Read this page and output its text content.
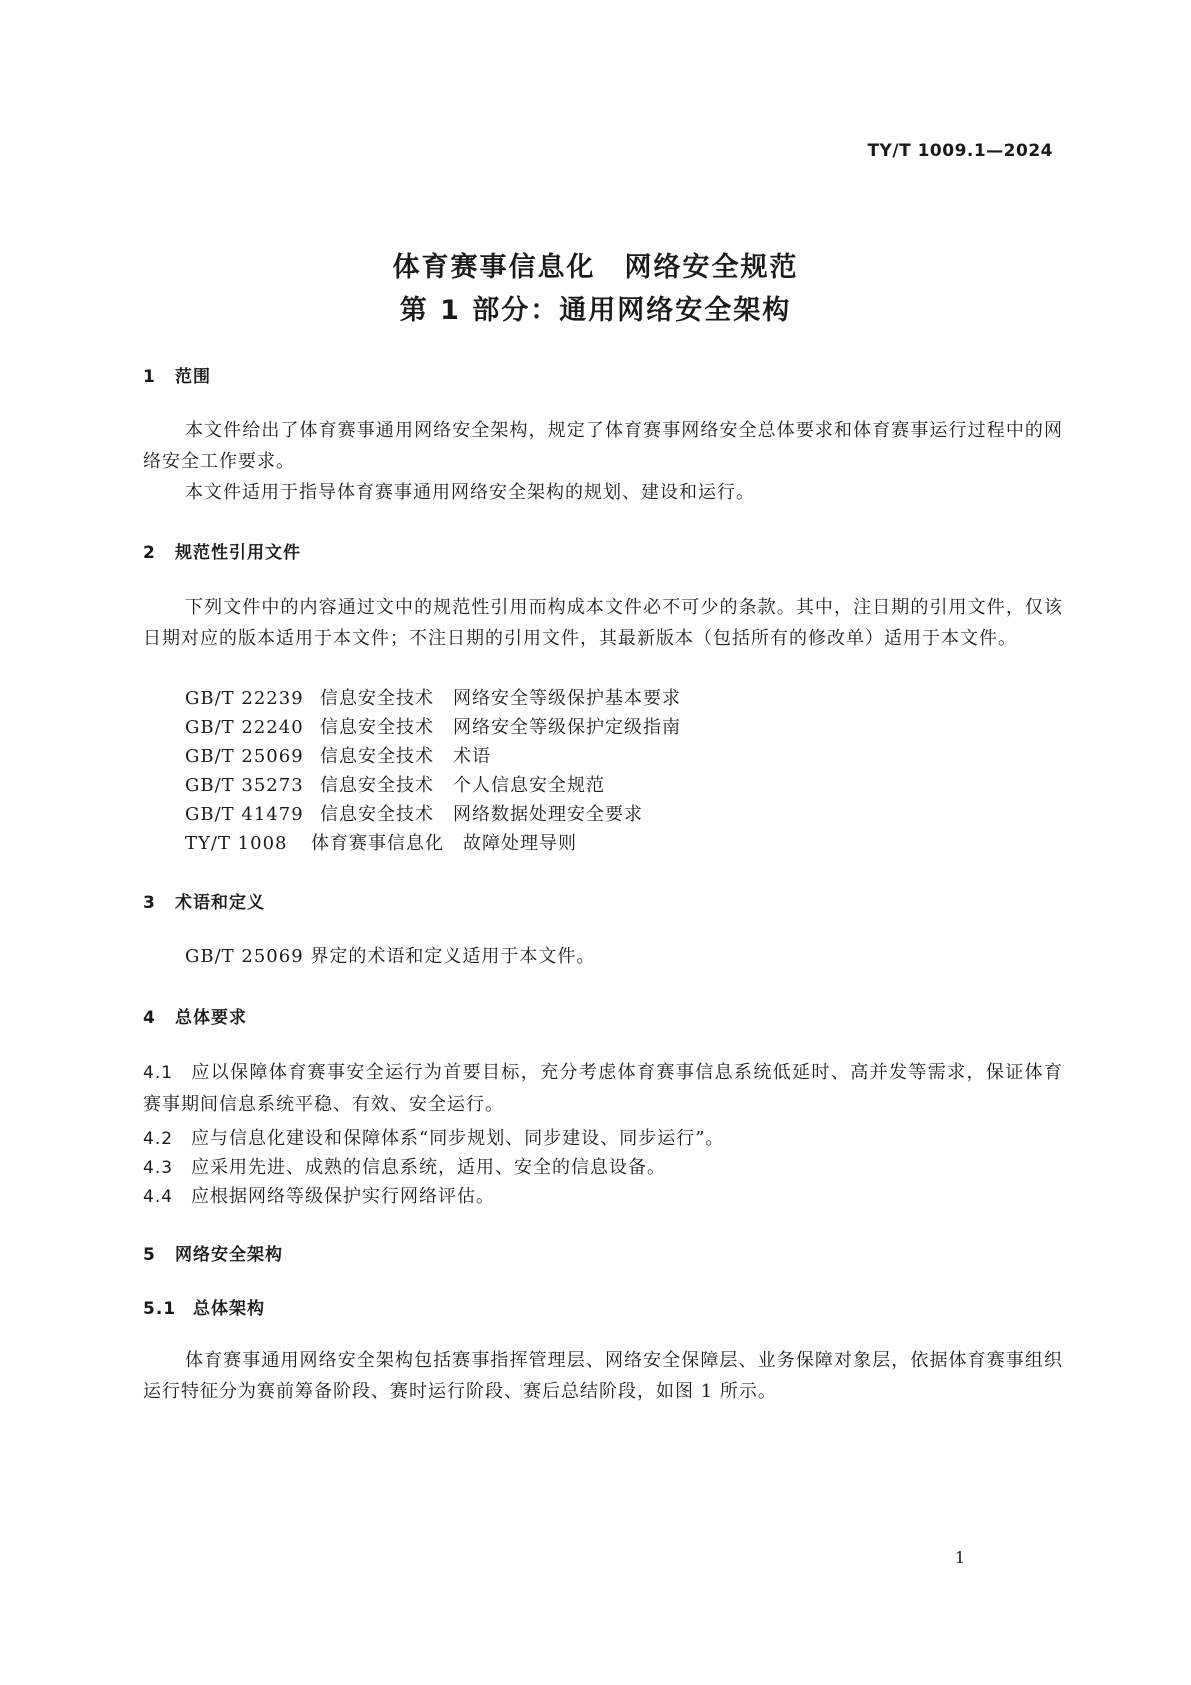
TY/T 1009.1—2024
体育赛事信息化　网络安全规范
第 1 部分：通用网络安全架构
1 范围
本文件给出了体育赛事通用网络安全架构，规定了体育赛事网络安全总体要求和体育赛事运行过程中的网络安全工作要求。
本文件适用于指导体育赛事通用网络安全架构的规划、建设和运行。
2 规范性引用文件
下列文件中的内容通过文中的规范性引用而构成本文件必不可少的条款。其中，注日期的引用文件，仅该日期对应的版本适用于本文件；不注日期的引用文件，其最新版本（包括所有的修改单）适用于本文件。
GB/T 22239 信息安全技术　网络安全等级保护基本要求
GB/T 22240 信息安全技术　网络安全等级保护定级指南
GB/T 25069 信息安全技术　术语
GB/T 35273 信息安全技术　个人信息安全规范
GB/T 41479 信息安全技术　网络数据处理安全要求
TY/T 1008 体育赛事信息化　故障处理导则
3 术语和定义
GB/T 25069 界定的术语和定义适用于本文件。
4 总体要求
4.1 应以保障体育赛事安全运行为首要目标，充分考虑体育赛事信息系统低延时、高并发等需求，保证体育赛事期间信息系统平稳、有效、安全运行。
4.2 应与信息化建设和保障体系“同步规划、同步建设、同步运行”。
4.3 应采用先进、成熟的信息系统，适用、安全的信息设备。
4.4 应根据网络等级保护实行网络评估。
5 网络安全架构
5.1 总体架构
体育赛事通用网络安全架构包括赛事指挥管理层、网络安全保障层、业务保障对象层，依据体育赛事组织运行特征分为赛前筹备阶段、赛时运行阶段、赛后总结阶段，如图 1 所示。
1
